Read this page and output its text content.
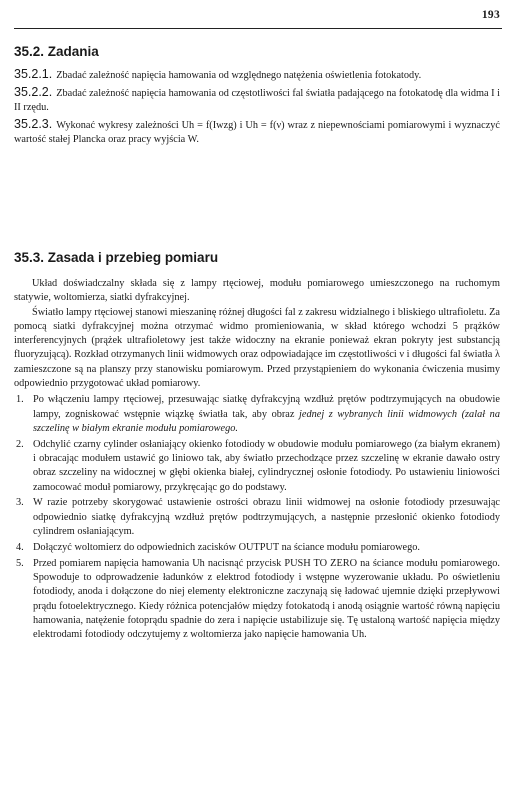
193
35.2. Zadania

35.2.1. Zbadać zależność napięcia hamowania od względnego natężenia oświetlenia fotokatody.

35.2.2. Zbadać zależność napięcia hamowania od częstotliwości fal światła padającego na fotokatodę dla widma I i II rzędu.

35.2.3. Wykonać wykresy zależności Uh = f(Iwzg) i Uh = f(ν) wraz z niepewnościami pomiarowymi i wyznaczyć wartość stałej Plancka oraz pracy wyjścia W.

35.3. Zasada i przebieg pomiaru

Układ doświadczalny składa się z lampy rtęciowej, modułu pomiarowego umieszczonego na ruchomym statywie, woltomierza, siatki dyfrakcyjnej.

Światło lampy rtęciowej stanowi mieszaninę różnej długości fal z zakresu widzialnego i bliskiego ultrafioletu. Za pomocą siatki dyfrakcyjnej można otrzymać widmo promieniowania, w skład którego wchodzi 5 prążków interferencyjnych (prążek ultrafioletowy jest także widoczny na ekranie ponieważ ekran pokryty jest substancją fluoryzującą). Rozkład otrzymanych linii widmowych oraz odpowiadające im częstotliwości ν i długości fal światła λ zamieszczone są na planszy przy stanowisku pomiarowym. Przed przystąpieniem do wykonania ćwiczenia musimy odpowiednio przygotować układ pomiarowy.

1. Po włączeniu lampy rtęciowej, przesuwając siatkę dyfrakcyjną wzdłuż prętów podtrzymujących na obudowie lampy, zogniskować wstępnie wiązkę światła tak, aby obraz jednej z wybranych linii widmowych (zalał na szczelinę w białym ekranie modułu pomiarowego.
2. Odchylić czarny cylinder osłaniający okienko fotodiody w obudowie modułu pomiarowego (za białym ekranem) i obracając modułem ustawić go liniowo tak, aby światło przechodzące przez szczelinę w ekranie dawało ostry obraz szczeliny na widocznej w głębi okienka białej, cylindrycznej osłonie fotodiody. Po ustawieniu liniowości zamocować moduł pomiarowy, przykręcając go do podstawy.
3. W razie potrzeby skorygować ustawienie ostrości obrazu linii widmowej na osłonie fotodiody przesuwając odpowiednio siatkę dyfrakcyjną wzdłuż prętów podtrzymujących, a następnie przesłonić okienko fotodiody cylindrem osłaniającym.
4. Dołączyć woltomierz do odpowiednich zacisków OUTPUT na ściance modułu pomiarowego.
5. Przed pomiarem napięcia hamowania Uh nacisnąć przycisk PUSH TO ZERO na ściance modułu pomiarowego. Spowoduje to odprowadzenie ładunków z elektrod fotodiody i wstępne wyzerowanie układu. Po oświetleniu fotodiody, anoda i dołączone do niej elementy elektroniczne zaczynają się ładować ujemnie dzięki przepływowi prądu fotoelektrycznego. Kiedy różnica potencjałów między fotokatodą i anodą osiągnie wartość równą napięciu hamowania, natężenie fotoprądu spadnie do zera i napięcie ustabilizuje się. Tę ustaloną wartość napięcia między elektrodami fotodiody odczytujemy z woltomierza jako napięcie hamowania Uh.
